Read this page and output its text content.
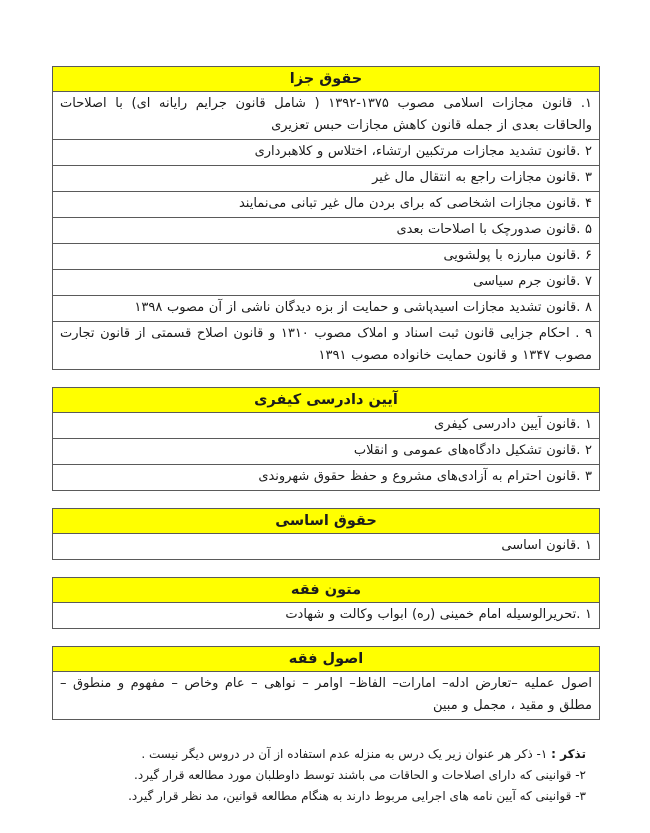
حقوق جزا
۱. قانون مجازات اسلامی مصوب ۱۳۷۵-۱۳۹۲ ( شامل قانون جرایم رایانه ای) با اصلاحات والحاقات بعدی از جمله قانون کاهش مجازات حبس تعزیری
۲ .قانون تشدید مجازات مرتکبین ارتشاء، اختلاس و کلاهبرداری
۳ .قانون مجازات راجع به انتقال مال غیر
۴ .قانون مجازات اشخاصی که برای بردن مال غیر تبانی می‌نمایند
۵ .قانون صدورچک با اصلاحات بعدی
۶ .قانون مبارزه با پولشویی
۷ .قانون جرم سیاسی
۸ .قانون تشدید مجازات اسیدپاشی و حمایت از بزه دیدگان ناشی از آن مصوب ۱۳۹۸
۹ . احکام جزایی قانون ثبت اسناد و املاک مصوب ۱۳۱۰ و قانون اصلاح قسمتی از قانون تجارت مصوب ۱۳۴۷ و قانون حمایت خانواده مصوب ۱۳۹۱
آیین دادرسی کیفری
۱ .قانون آیین دادرسی کیفری
۲ .قانون تشکیل دادگاه‌های عمومی و انقلاب
۳ .قانون احترام به آزادی‌های مشروع و حفظ حقوق شهروندی
حقوق اساسی
۱ .قانون اساسی
متون فقه
۱ .تحریرالوسیله امام خمینی (ره) ابواب وکالت و شهادت
اصول فقه
اصول عملیه –تعارض ادله– امارات– الفاظ– اوامر – نواهی – عام وخاص – مفهوم و منطوق – مطلق و مقید ، مجمل و مبین
تذکر : ۱- ذکر هر عنوان زیر یک درس به منزله عدم استفاده از آن در دروس دیگر نیست .
۲- قوانینی که دارای اصلاحات و الحاقات می باشند توسط داوطلبان مورد مطالعه قرار گیرد.
۳- قوانینی که آیین نامه های اجرایی مربوط دارند به هنگام مطالعه قوانین، مد نظر قرار گیرد.
